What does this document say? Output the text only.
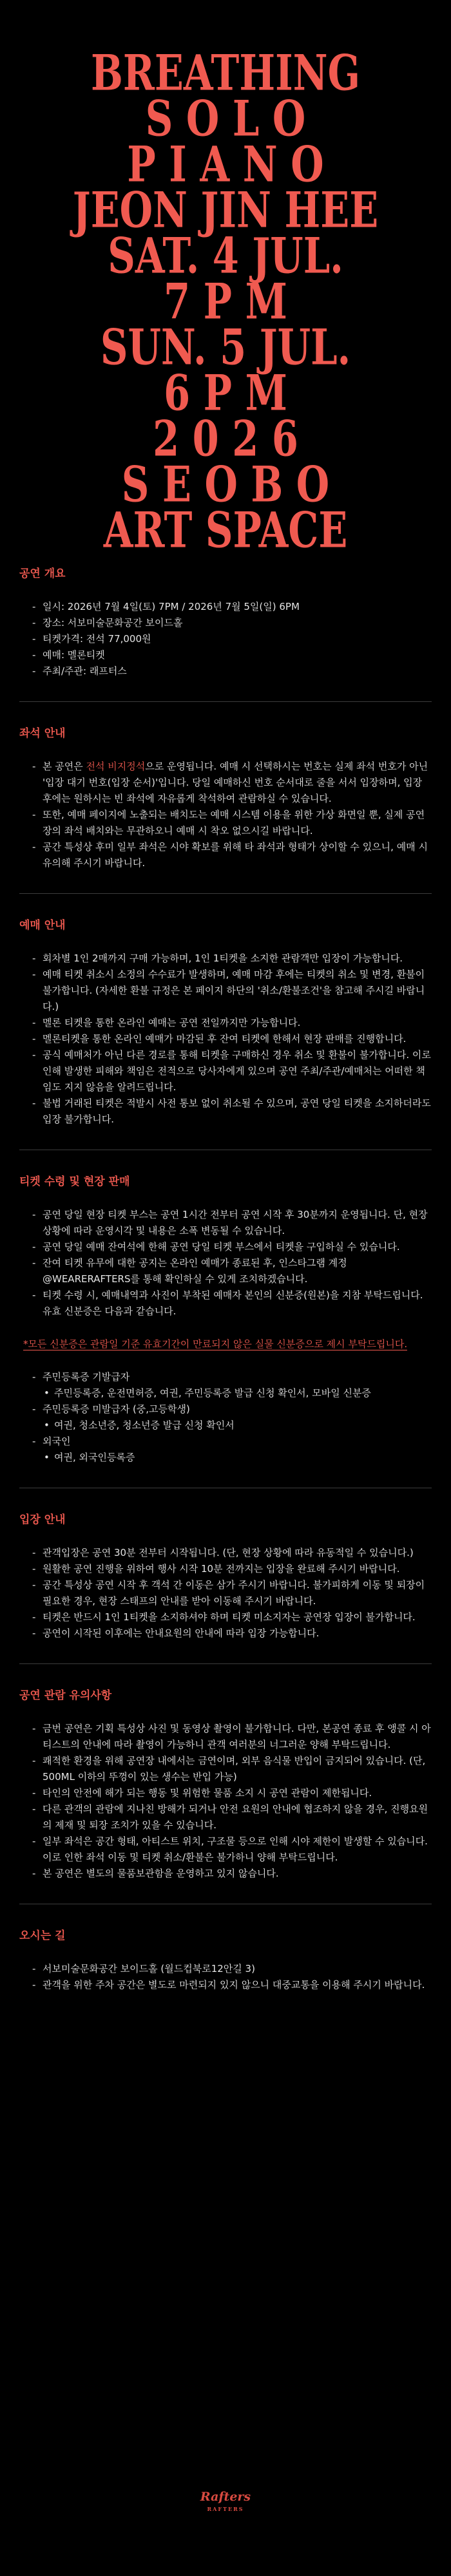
BREATHING
S O L O
P I A N O
JEON JIN HEE
SAT. 4 JUL.
7 P M
SUN. 5 JUL.
6 P M
2 0 2 6
S E O B O
ART SPACE
공연 개요
- 일시: 2026년 7월 4일(토) 7PM / 2026년 7월 5일(일) 6PM
- 장소: 서보미술문화공간 보이드홀
- 티켓가격: 전석 77,000원
- 예매: 멜론티켓
- 주최/주관: 래프터스
좌석 안내
- 본 공연은 전석 비지정석으로 운영됩니다. 예매 시 선택하시는 번호는 실제 좌석 번호가 아닌 '입장 대기 번호(입장 순서)'입니다. 당일 예매하신 번호 순서대로 줄을 서서 입장하며, 입장 후에는 원하시는 빈 좌석에 자유롭게 착석하여 관람하실 수 있습니다.
- 또한, 예매 페이지에 노출되는 배치도는 예매 시스템 이용을 위한 가상 화면일 뿐, 실제 공연장의 좌석 배치와는 무관하오니 예매 시 착오 없으시길 바랍니다.
- 공간 특성상 후미 일부 좌석은 시야 확보를 위해 타 좌석과 형태가 상이할 수 있으니, 예매 시 유의해 주시기 바랍니다.
예매 안내
- 회차별 1인 2매까지 구매 가능하며, 1인 1티켓을 소지한 관람객만 입장이 가능합니다.
- 예매 티켓 취소시 소정의 수수료가 발생하며, 예매 마감 후에는 티켓의 취소 및 변경, 환불이 불가합니다. (자세한 환불 규정은 본 페이지 하단의 '취소/환불조건'을 참고해 주시길 바랍니다.)
- 멜론 티켓을 통한 온라인 예매는 공연 전일까지만 가능합니다.
- 멜론티켓을 통한 온라인 예매가 마감된 후 잔여 티켓에 한해서 현장 판매를 진행합니다.
- 공식 예매처가 아닌 다른 경로를 통해 티켓을 구매하신 경우 취소 및 환불이 불가합니다. 이로 인해 발생한 피해와 책임은 전적으로 당사자에게 있으며 공연 주최/주관/예매처는 어떠한 책임도 지지 않음을 알려드립니다.
- 불법 거래된 티켓은 적발시 사전 통보 없이 취소될 수 있으며, 공연 당일 티켓을 소지하더라도 입장 불가합니다.
티켓 수령 및 현장 판매
- 공연 당일 현장 티켓 부스는 공연 1시간 전부터 공연 시작 후 30분까지 운영됩니다. 단, 현장 상황에 따라 운영시각 및 내용은 소폭 변동될 수 있습니다.
- 공연 당일 예매 잔여석에 한해 공연 당일 티켓 부스에서 티켓을 구입하실 수 있습니다.
- 잔여 티켓 유무에 대한 공지는 온라인 예매가 종료된 후, 인스타그램 계정 @WEARERAFTERS를 통해 확인하실 수 있게 조치하겠습니다.
- 티켓 수령 시, 예매내역과 사진이 부착된 예매자 본인의 신분증(원본)을 지참 부탁드립니다. 유효 신분증은 다음과 같습니다.
*모든 신분증은 관람일 기준 유효기간이 만료되지 않은 실물 신분증으로 제시 부탁드립니다.
- 주민등록증 기발급자
• 주민등록증, 운전면허증, 여권, 주민등록증 발급 신청 확인서, 모바일 신분증
- 주민등록증 미발급자 (중,고등학생)
• 여권, 청소년증, 청소년증 발급 신청 확인서
- 외국인
• 여권, 외국인등록증
입장 안내
- 관객입장은 공연 30분 전부터 시작됩니다. (단, 현장 상황에 따라 유동적일 수 있습니다.)
- 원활한 공연 진행을 위하여 행사 시작 10분 전까지는 입장을 완료해 주시기 바랍니다.
- 공간 특성상 공연 시작 후 객석 간 이동은 삼가 주시기 바랍니다. 불가피하게 이동 및 퇴장이 필요한 경우, 현장 스태프의 안내를 받아 이동해 주시기 바랍니다.
- 티켓은 반드시 1인 1티켓을 소지하셔야 하며 티켓 미소지자는 공연장 입장이 불가합니다.
- 공연이 시작된 이후에는 안내요원의 안내에 따라 입장 가능합니다.
공연 관람 유의사항
- 금번 공연은 기획 특성상 사진 및 동영상 촬영이 불가합니다. 다만, 본공연 종료 후 앵콜 시 아티스트의 안내에 따라 촬영이 가능하니 관객 여러분의 너그러운 양해 부탁드립니다.
- 쾌적한 환경을 위해 공연장 내에서는 금연이며, 외부 음식물 반입이 금지되어 있습니다. (단, 500ML 이하의 뚜껑이 있는 생수는 반입 가능)
- 타인의 안전에 해가 되는 행동 및 위험한 물품 소지 시 공연 관람이 제한됩니다.
- 다른 관객의 관람에 지나친 방해가 되거나 안전 요원의 안내에 협조하지 않을 경우, 진행요원의 제재 및 퇴장 조치가 있을 수 있습니다.
- 일부 좌석은 공간 형태, 아티스트 위치, 구조물 등으로 인해 시야 제한이 발생할 수 있습니다. 이로 인한 좌석 이동 및 티켓 취소/환불은 불가하니 양해 부탁드립니다.
- 본 공연은 별도의 물품보관함을 운영하고 있지 않습니다.
오시는 길
- 서보미술문화공간 보이드홀 (월드컵북로12안길 3)
- 관객을 위한 주차 공간은 별도로 마련되지 있지 않으니 대중교통을 이용해 주시기 바랍니다.
Rafters
RAFTERS
